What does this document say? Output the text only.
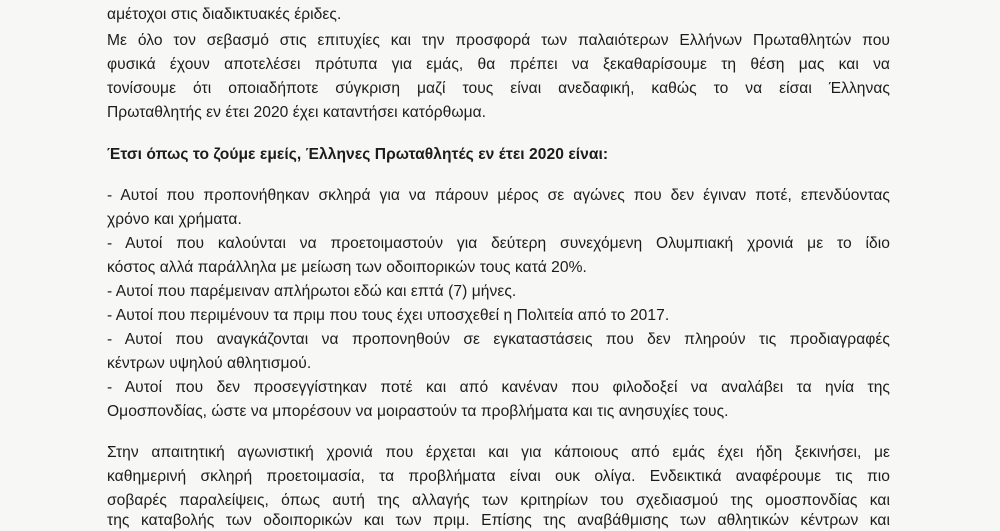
αμέτοχοι στις διαδικτυακές έριδες.
Με όλο τον σεβασμό στις επιτυχίες και την προσφορά των παλαιότερων Ελλήνων Πρωταθλητών που
φυσικά έχουν αποτελέσει πρότυπα για εμάς, θα πρέπει να ξεκαθαρίσουμε τη θέση μας και να
τονίσουμε ότι οποιαδήποτε σύγκριση μαζί τους είναι ανεδαφική, καθώς το να είσαι Έλληνας
Πρωταθλητής εν έτει 2020 έχει καταντήσει κατόρθωμα.
Έτσι όπως το ζούμε εμείς, Έλληνες Πρωταθλητές εν έτει 2020 είναι:
- Αυτοί που προπονήθηκαν σκληρά για να πάρουν μέρος σε αγώνες που δεν έγιναν ποτέ, επενδύοντας
χρόνο και χρήματα.
- Αυτοί που καλούνται να προετοιμαστούν για δεύτερη συνεχόμενη Ολυμπιακή χρονιά με το ίδιο
κόστος αλλά παράλληλα με μείωση των οδοιπορικών τους κατά 20%.
- Αυτοί που παρέμειναν απλήρωτοι εδώ και επτά (7) μήνες.
- Αυτοί που περιμένουν τα πριμ που τους έχει υποσχεθεί η Πολιτεία από το 2017.
- Αυτοί που αναγκάζονται να προπονηθούν σε εγκαταστάσεις που δεν πληρούν τις προδιαγραφές
κέντρων υψηλού αθλητισμού.
- Αυτοί που δεν προσεγγίστηκαν ποτέ και από κανέναν που φιλοδοξεί να αναλάβει τα ηνία της
Ομοσπονδίας, ώστε να μπορέσουν να μοιραστούν τα προβλήματα και τις ανησυχίες τους.
Στην απαιτητική αγωνιστική χρονιά που έρχεται και για κάποιους από εμάς έχει ήδη ξεκινήσει, με
καθημερινή σκληρή προετοιμασία, τα προβλήματα είναι ουκ ολίγα. Ενδεικτικά αναφέρουμε τις πιο
σοβαρές παραλείψεις, όπως αυτή της αλλαγής των κριτηρίων του σχεδιασμού της ομοσπονδίας και
της καταβολής των οδοιπορικών και των πριμ. Επίσης της αναβάθμισης των αθλητικών κέντρων και
